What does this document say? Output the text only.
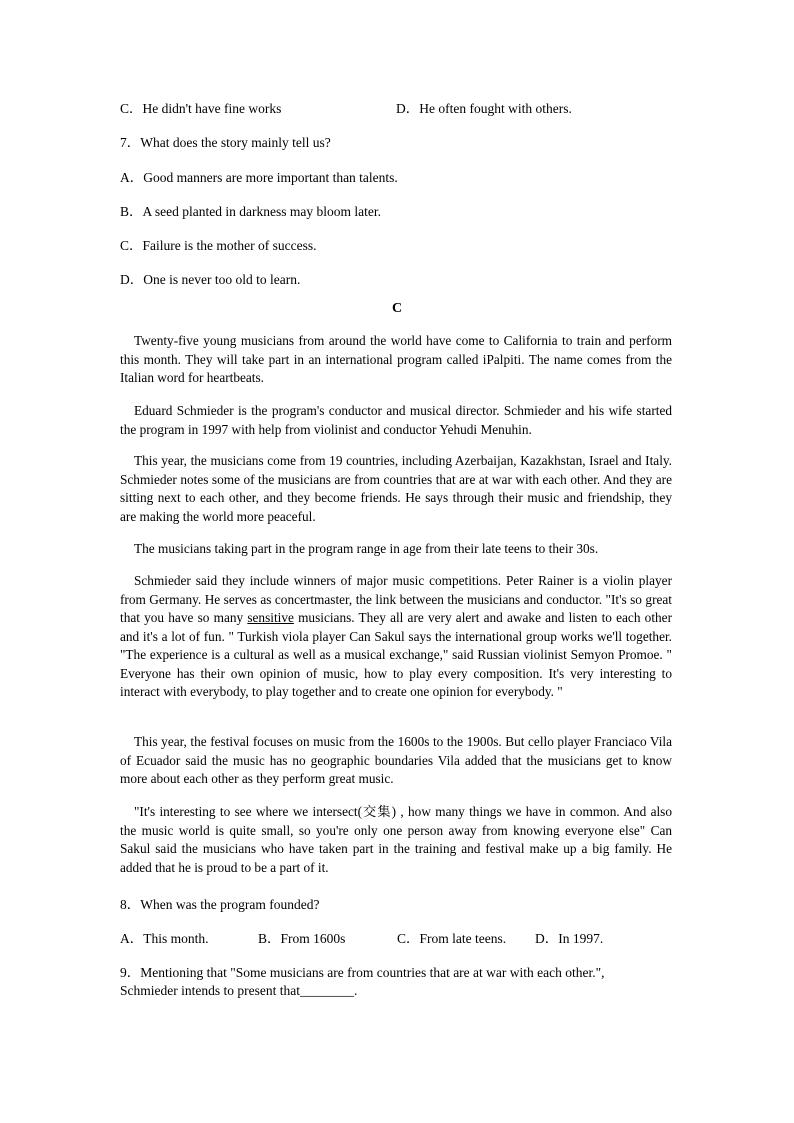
C．He didn't have fine works	D．He often fought with others.
7．What does the story mainly tell us?
A．Good manners are more important than talents.
B．A seed planted in darkness may bloom later.
C．Failure is the mother of success.
D．One is never too old to learn.
C

Twenty-five young musicians from around the world have come to California to train and perform this month. They will take part in an international program called iPalpiti. The name comes from the Italian word for heartbeats.

Eduard Schmieder is the program's conductor and musical director. Schmieder and his wife started the program in 1997 with help from violinist and conductor Yehudi Menuhin.

This year, the musicians come from 19 countries, including Azerbaijan, Kazakhstan, Israel and Italy. Schmieder notes some of the musicians are from countries that are at war with each other. And they are sitting next to each other, and they become friends. He says through their music and friendship, they are making the world more peaceful.

The musicians taking part in the program range in age from their late teens to their 30s.

Schmieder said they include winners of major music competitions. Peter Rainer is a violin player from Germany. He serves as concertmaster, the link between the musicians and conductor. "It's so great that you have so many sensitive musicians. They all are very alert and awake and listen to each other and it's a lot of fun. " Turkish viola player Can Sakul says the international group works we'll together. "The experience is a cultural as well as a musical exchange," said Russian violinist Semyon Promoe. " Everyone has their own opinion of music, how to play every composition. It's very interesting to interact with everybody, to play together and to create one opinion for everybody. "

This year, the festival focuses on music from the 1600s to the 1900s. But cello player Franciaco Vila of Ecuador said the music has no geographic boundaries Vila added that the musicians get to know more about each other as they perform great music.

"It's interesting to see where we intersect(交集) , how many things we have in common. And also the music world is quite small, so you're only one person away from knowing everyone else" Can Sakul said the musicians who have taken part in the training and festival make up a big family. He added that he is proud to be a part of it.

8．When was the program founded?
A．This month.	B．From 1600s	C．From late teens. D．In 1997.
9．Mentioning that "Some musicians are from countries that are at war with each other.",
Schmieder intends to present that________.
